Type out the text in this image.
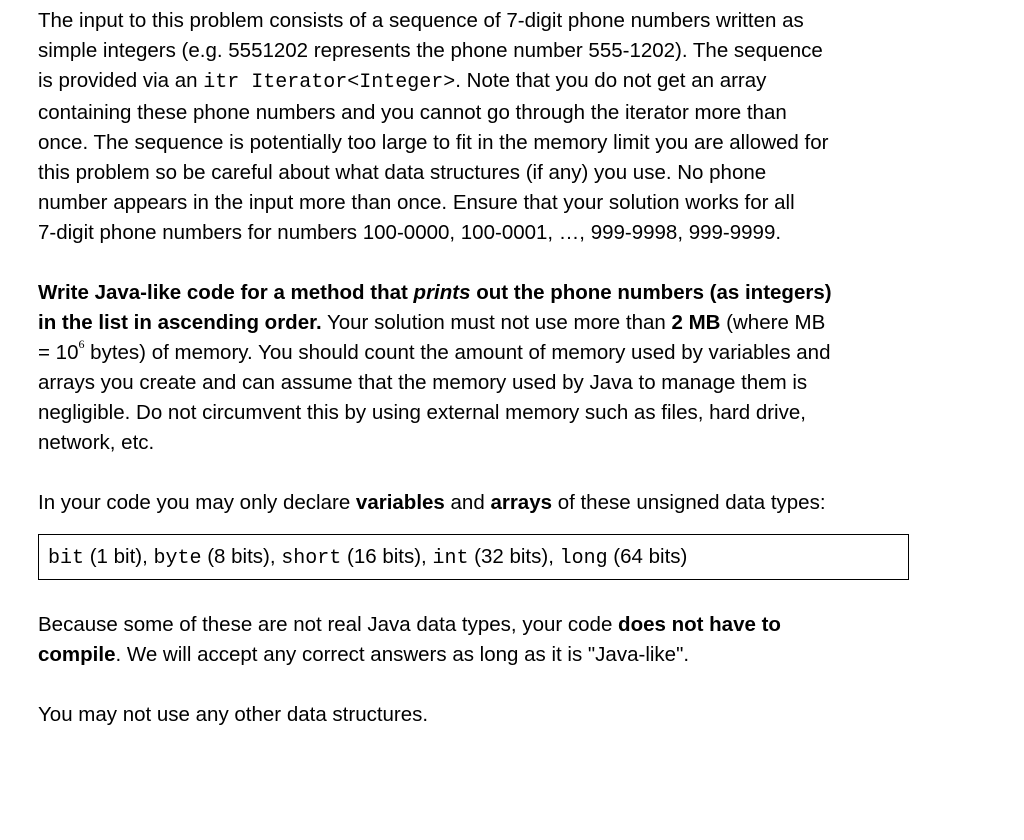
The input to this problem consists of a sequence of 7-digit phone numbers written as
simple integers (e.g. 5551202 represents the phone number 555-1202). The sequence
is provided via an itr Iterator<Integer>. Note that you do not get an array
containing these phone numbers and you cannot go through the iterator more than
once. The sequence is potentially too large to fit in the memory limit you are allowed for
this problem so be careful about what data structures (if any) you use. No phone
number appears in the input more than once. Ensure that your solution works for all
7-digit phone numbers for numbers 100-0000, 100-0001, …, 999-9998, 999-9999.

Write Java-like code for a method that prints out the phone numbers (as integers)
in the list in ascending order. Your solution must not use more than 2 MB (where MB
= $10^6$ bytes) of memory. You should count the amount of memory used by variables and
arrays you create and can assume that the memory used by Java to manage them is
negligible. Do not circumvent this by using external memory such as files, hard drive,
network, etc.

In your code you may only declare variables and arrays of these unsigned data types:

bit (1 bit), byte (8 bits), short (16 bits), int (32 bits), long (64 bits)

Because some of these are not real Java data types, your code does not have to
compile. We will accept any correct answers as long as it is "Java-like".

You may not use any other data structures.
